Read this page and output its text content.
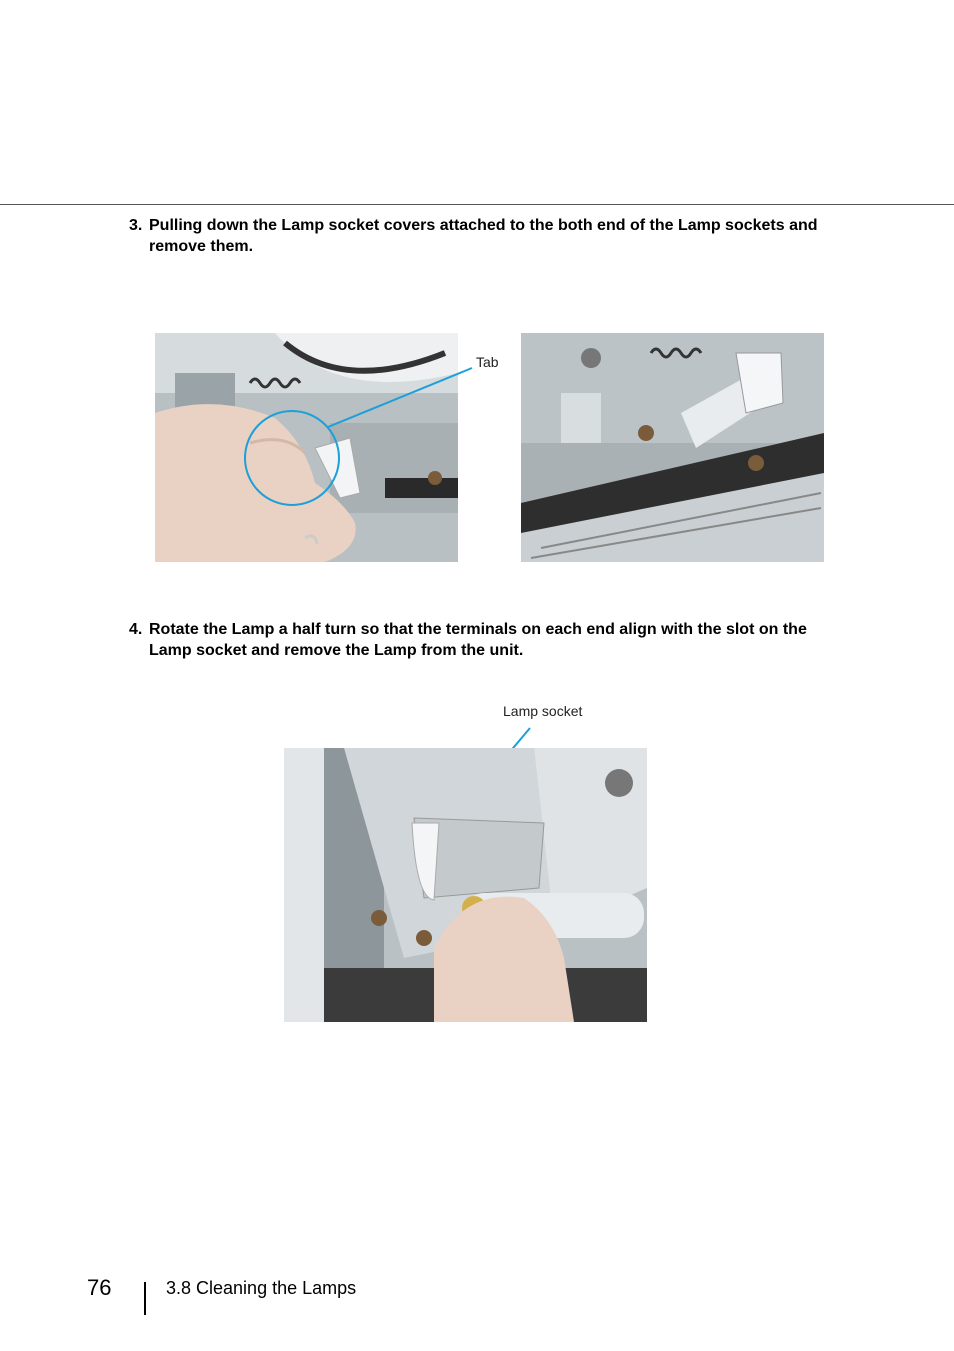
3. Pulling down the Lamp socket covers attached to the both end of the Lamp sockets and remove them.
Tab
4. Rotate the Lamp a half turn so that the terminals on each end align with the slot on the Lamp socket and remove the Lamp from the unit.
Lamp socket
76	3.8 Cleaning the Lamps
